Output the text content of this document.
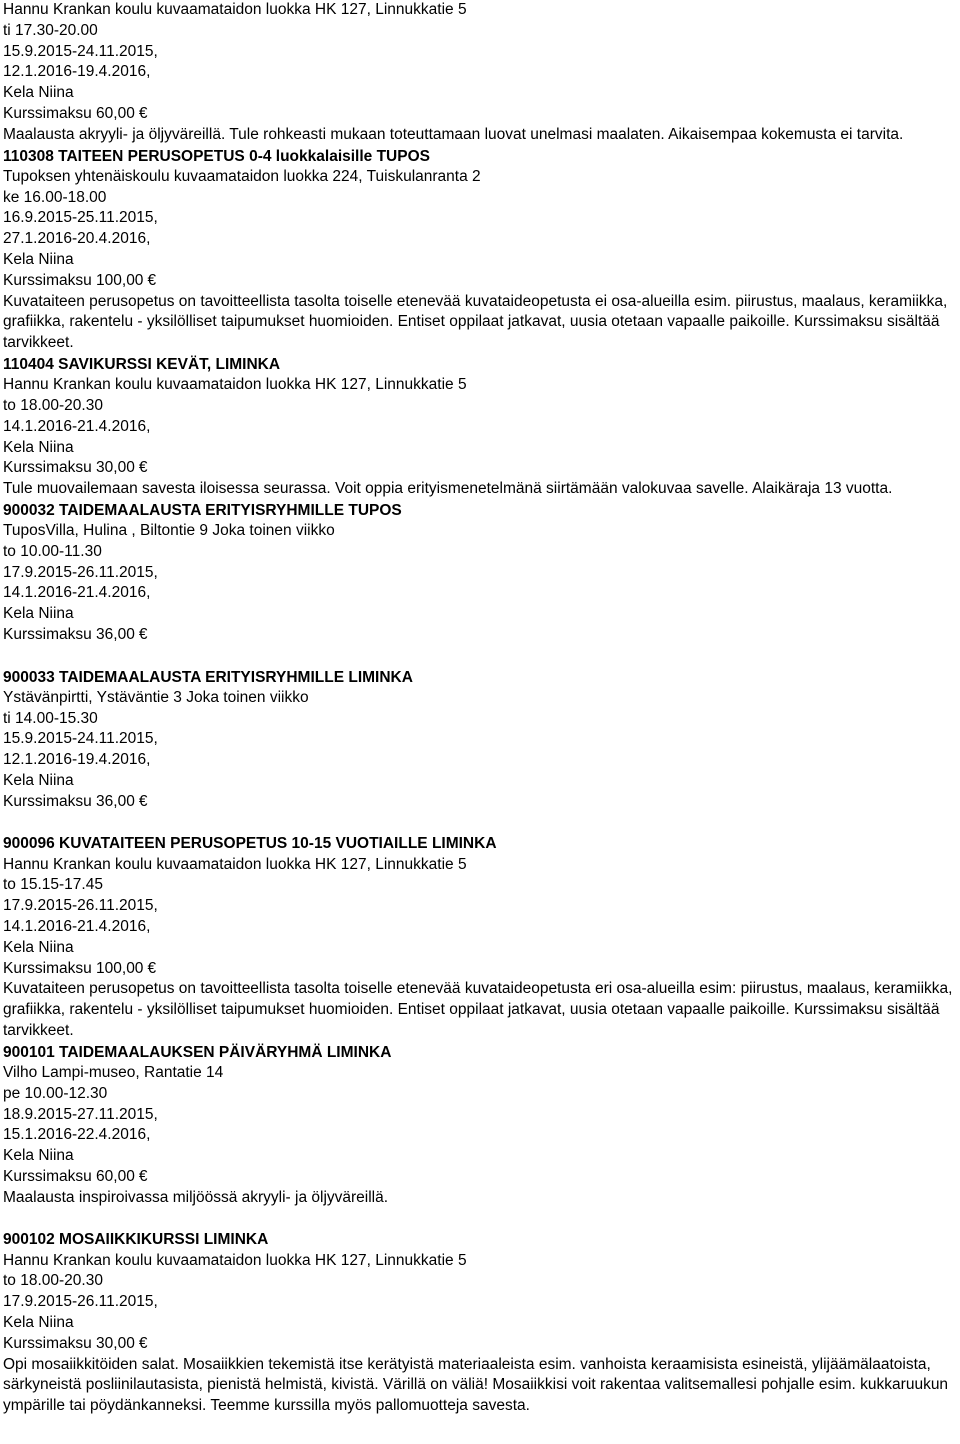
Hannu Krankan koulu kuvaamataidon luokka HK 127, Linnukkatie 5
ti 17.30-20.00
15.9.2015-24.11.2015,
12.1.2016-19.4.2016,
Kela Niina
Kurssimaksu 60,00 €
Maalausta akryyli- ja öljyväreillä. Tule rohkeasti mukaan toteuttamaan luovat unelmasi maalaten. Aikaisempaa kokemusta ei tarvita.
110308 TAITEEN PERUSOPETUS 0-4 luokkalaisille TUPOS
Tupoksen yhtenäiskoulu kuvaamataidon luokka 224, Tuiskulanranta 2
ke 16.00-18.00
16.9.2015-25.11.2015,
27.1.2016-20.4.2016,
Kela Niina
Kurssimaksu 100,00 €
Kuvataiteen perusopetus on tavoitteellista tasolta toiselle etenevää kuvataideopetusta ei osa-alueilla esim. piirustus, maalaus, keramiikka, grafiikka, rakentelu - yksilölliset taipumukset huomioiden. Entiset oppilaat jatkavat, uusia otetaan vapaalle paikoille. Kurssimaksu sisältää tarvikkeet.
110404 SAVIKURSSI KEVÄT, LIMINKA
Hannu Krankan koulu kuvaamataidon luokka HK 127, Linnukkatie 5
to 18.00-20.30
14.1.2016-21.4.2016,
Kela Niina
Kurssimaksu 30,00 €
Tule muovailemaan savesta iloisessa seurassa. Voit oppia erityismenetelmänä siirtämään valokuvaa savelle. Alaikäraja 13 vuotta.
900032 TAIDEMAALAUSTA ERITYISRYHMILLE TUPOS
TuposVilla, Hulina , Biltontie 9 Joka toinen viikko
to 10.00-11.30
17.9.2015-26.11.2015,
14.1.2016-21.4.2016,
Kela Niina
Kurssimaksu 36,00 €
900033 TAIDEMAALAUSTA ERITYISRYHMILLE LIMINKA
Ystävänpirtti, Ystäväntie 3 Joka toinen viikko
ti 14.00-15.30
15.9.2015-24.11.2015,
12.1.2016-19.4.2016,
Kela Niina
Kurssimaksu 36,00 €
900096 KUVATAITEEN PERUSOPETUS 10-15 VUOTIAILLE LIMINKA
Hannu Krankan koulu kuvaamataidon luokka HK 127, Linnukkatie 5
to 15.15-17.45
17.9.2015-26.11.2015,
14.1.2016-21.4.2016,
Kela Niina
Kurssimaksu 100,00 €
Kuvataiteen perusopetus on tavoitteellista tasolta toiselle etenevää kuvataideopetusta eri osa-alueilla esim: piirustus, maalaus, keramiikka, grafiikka, rakentelu - yksilölliset taipumukset huomioiden. Entiset oppilaat jatkavat, uusia otetaan vapaalle paikoille. Kurssimaksu sisältää tarvikkeet.
900101 TAIDEMAALAUKSEN PÄIVÄRYHMÄ LIMINKA
Vilho Lampi-museo, Rantatie 14
pe 10.00-12.30
18.9.2015-27.11.2015,
15.1.2016-22.4.2016,
Kela Niina
Kurssimaksu 60,00 €
Maalausta inspiroivassa miljöössä akryyli- ja öljyväreillä.
900102 MOSAIIKKIKURSSI LIMINKA
Hannu Krankan koulu kuvaamataidon luokka HK 127, Linnukkatie 5
to 18.00-20.30
17.9.2015-26.11.2015,
Kela Niina
Kurssimaksu 30,00 €
Opi mosaiikkitöiden salat. Mosaiikkien tekemistä itse kerätyistä materiaaleista esim. vanhoista keraamisista esineistä, ylijäämälaatoista, särkyneistä posliinilautasista, pienistä helmistä, kivistä. Värillä on väliä! Mosaiikkisi voit rakentaa valitsemallesi pohjalle esim. kukkaruukun ympärille tai pöydänkanneksi. Teemme kurssilla myös pallomuotteja savesta.
